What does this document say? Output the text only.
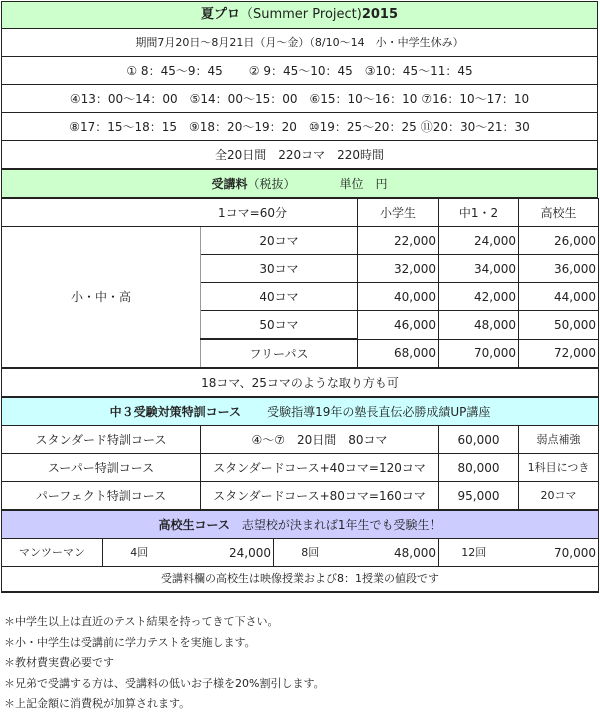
夏プロ（Summer Project)2015
期間7月20日～8月21日（月～金）（8/10～14　小・中学生休み）
① 8：45～9：45 ② 9：45～10：45 ③10：45～11：45
④13：00～14：00 ⑤14：00～15：00 ⑥15：10～16：10 ⑦16：10～17：10
⑧17：15～18：15 ⑨18：20～19：20 ⑩19：25～20：25 ⑪20：30～21：30
全20日間　220コマ　220時間
受講料（税抜）	単位　円
1コマ=60分		小学生	中1・2	高校生
小・中・高	20コマ	22,000	24,000	26,000
	30コマ	32,000	34,000	36,000
	40コマ	40,000	42,000	44,000
	50コマ	46,000	48,000	50,000
	フリーパス	68,000	70,000	72,000
18コマ、25コマのような取り方も可				
中３受験対策特訓コース 受験指導19年の塾長直伝必勝成績UP講座			
スタンダード特訓コース	④～⑦　20日間　80コマ	60,000	弱点補強
スーパー特訓コース	スタンダードコース+40コマ=120コマ	80,000	1科目につき
パーフェクト特訓コース	スタンダードコース+80コマ=160コマ	95,000	20コマ
高校生コース 志望校が決まれば1年生でも受験生！
マンツーマン	4回	24,000	8回	48,000	12回	70,000
受講料欄の高校生は映像授業および8：1授業の値段です
＊中学生以上は直近のテスト結果を持ってきて下さい。
＊小・中学生は受講前に学力テストを実施します。
＊教材費実費必要です
＊兄弟で受講する方は、受講料の低いお子様を20%割引します。
＊上記金額に消費税が加算されます。
